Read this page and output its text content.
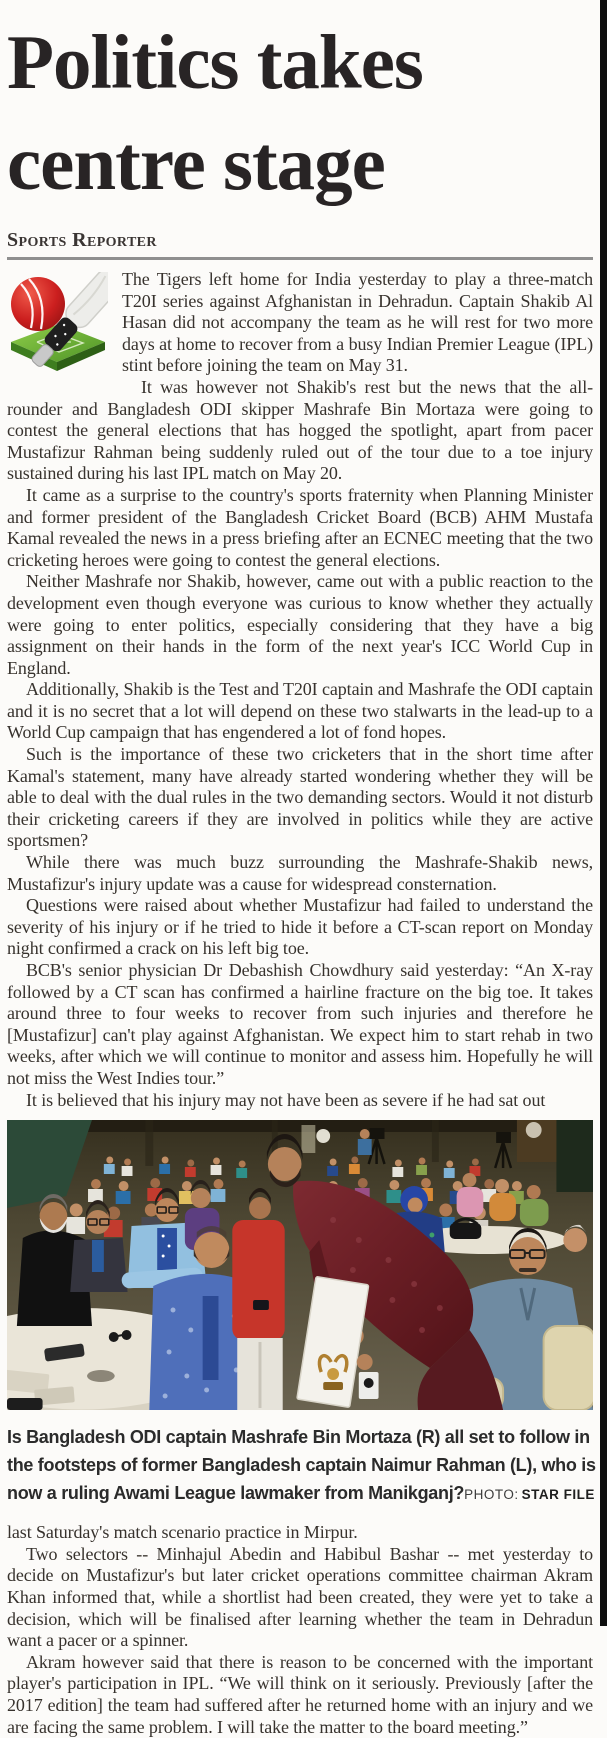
Politics takes
centre stage
Sports Reporter

The Tigers left home for India yesterday to play a three-match T20I series against Afghanistan in Dehradun. Captain Shakib Al Hasan did not accompany the team as he will rest for two more days at home to recover from a busy Indian Premier League (IPL) stint before joining the team on May 31.

It was however not Shakib's rest but the news that the all-rounder and Bangladesh ODI skipper Mashrafe Bin Mortaza were going to contest the general elections that has hogged the spotlight, apart from pacer Mustafizur Rahman being suddenly ruled out of the tour due to a toe injury sustained during his last IPL match on May 20.

It came as a surprise to the country's sports fraternity when Planning Minister and former president of the Bangladesh Cricket Board (BCB) AHM Mustafa Kamal revealed the news in a press briefing after an ECNEC meeting that the two cricketing heroes were going to contest the general elections.

Neither Mashrafe nor Shakib, however, came out with a public reaction to the development even though everyone was curious to know whether they actually were going to enter politics, especially considering that they have a big assignment on their hands in the form of the next year's ICC World Cup in England.

Additionally, Shakib is the Test and T20I captain and Mashrafe the ODI captain and it is no secret that a lot will depend on these two stalwarts in the lead-up to a World Cup campaign that has engendered a lot of fond hopes.

Such is the importance of these two cricketers that in the short time after Kamal's statement, many have already started wondering whether they will be able to deal with the dual rules in the two demanding sectors. Would it not disturb their cricketing careers if they are involved in politics while they are active sportsmen?

While there was much buzz surrounding the Mashrafe-Shakib news, Mustafizur's injury update was a cause for widespread consternation.

Questions were raised about whether Mustafizur had failed to understand the severity of his injury or if he tried to hide it before a CT-scan report on Monday night confirmed a crack on his left big toe.

BCB's senior physician Dr Debashish Chowdhury said yesterday: “An X-ray followed by a CT scan has confirmed a hairline fracture on the big toe. It takes around three to four weeks to recover from such injuries and therefore he [Mustafizur] can't play against Afghanistan. We expect him to start rehab in two weeks, after which we will continue to monitor and assess him. Hopefully he will not miss the West Indies tour.”

It is believed that his injury may not have been as severe if he had sat out

Is Bangladesh ODI captain Mashrafe Bin Mortaza (R) all set to follow in
the footsteps of former Bangladesh captain Naimur Rahman (L), who is
now a ruling Awami League lawmaker from Manikganj? PHOTO: STAR FILE

last Saturday's match scenario practice in Mirpur.

Two selectors -- Minhajul Abedin and Habibul Bashar -- met yesterday to decide on Mustafizur's but later cricket operations committee chairman Akram Khan informed that, while a shortlist had been created, they were yet to take a decision, which will be finalised after learning whether the team in Dehradun want a pacer or a spinner.

Akram however said that there is reason to be concerned with the important player's participation in IPL. “We will think on it seriously. Previously [after the 2017 edition] the team had suffered after he returned home with an injury and we are facing the same problem. I will take the matter to the board meeting.”
